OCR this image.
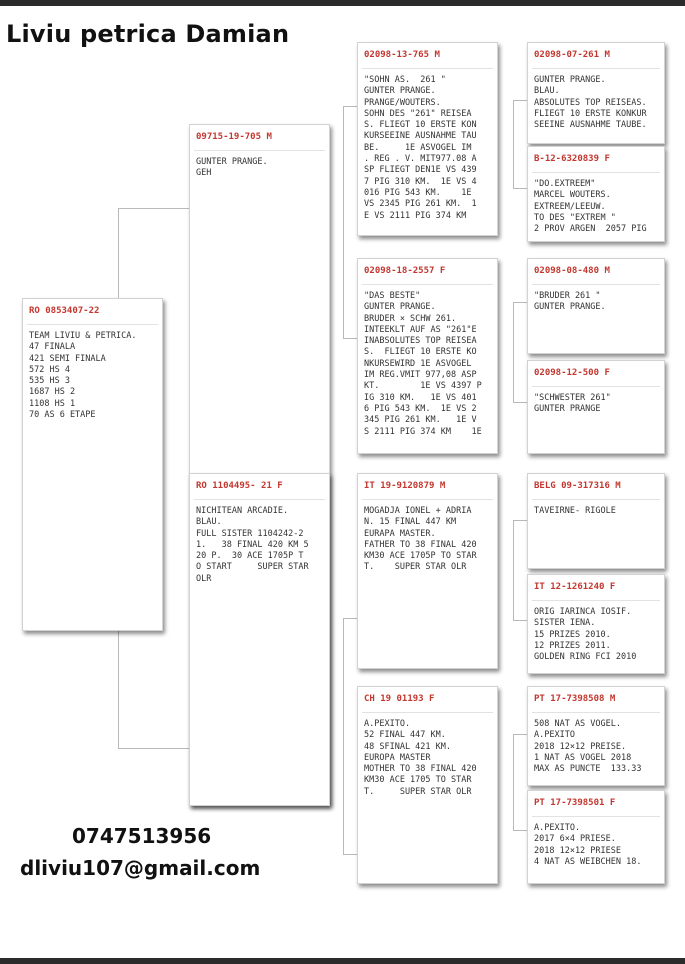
Liviu petrica Damian
RO 0853407-22
TEAM LIVIU & PETRICA.
47 FINALA
421 SEMI FINALA
572 HS 4
535 HS 3
1687 HS 2
1108 HS 1
70 AS 6 ETAPE
09715-19-705 M
GUNTER PRANGE.
GEH
RO 1104495- 21 F
NICHITEAN ARCADIE.
BLAU.
FULL SISTER 1104242-2
1.   38 FINAL 420 KM 5
20 P.  30 ACE 1705P T
O START     SUPER STAR
OLR
02098-13-765 M
"SOHN AS.  261 "
GUNTER PRANGE.
PRANGE/WOUTERS.
SOHN DES "261" REISEA
S. FLIEGT 10 ERSTE KON
KURSEEINE AUSNAHME TAU
BE.     1E ASVOGEL IM
. REG . V. MIT977.08 A
SP FLIEGT DEN1E VS 439
7 PIG 310 KM.  1E VS 4
016 PIG 543 KM.    1E
VS 2345 PIG 261 KM.  1
E VS 2111 PIG 374 KM
02098-18-2557 F
"DAS BESTE"
GUNTER PRANGE.
BRUDER × SCHW 261.
INTEEKLT AUF AS "261"E
INABSOLUTES TOP REISEA
S.  FLIEGT 10 ERSTE KO
NKURSEWIRD 1E ASVOGEL
IM REG.VMIT 977,08 ASP
KT.        1E VS 4397 P
IG 310 KM.   1E VS 401
6 PIG 543 KM.  1E VS 2
345 PIG 261 KM.   1E V
S 2111 PIG 374 KM    1E
IT 19-9120879 M
MOGADJA IONEL + ADRIA
N. 15 FINAL 447 KM
EURAPA MASTER.
FATHER TO 38 FINAL 420
KM30 ACE 1705P TO STAR
T.    SUPER STAR OLR
CH 19 01193 F
A.PEXITO.
52 FINAL 447 KM.
48 SFINAL 421 KM.
EUROPA MASTER
MOTHER TO 38 FINAL 420
KM30 ACE 1705 TO STAR
T.     SUPER STAR OLR
02098-07-261 M
GUNTER PRANGE.
BLAU.
ABSOLUTES TOP REISEAS.
FLIEGT 10 ERSTE KONKUR
SEEINE AUSNAHME TAUBE.
B-12-6320839 F
"DO.EXTREEM"
MARCEL WOUTERS.
EXTREEM/LEEUW.
TO DES "EXTREM "
2 PROV ARGEN  2057 PIG
02098-08-480 M
"BRUDER 261 "
GUNTER PRANGE.
02098-12-500 F
"SCHWESTER 261"
GUNTER PRANGE
BELG 09-317316 M
TAVEIRNE- RIGOLE
IT 12-1261240 F
ORIG IARINCA IOSIF.
SISTER IENA.
15 PRIZES 2010.
12 PRIZES 2011.
GOLDEN RING FCI 2010
PT 17-7398508 M
508 NAT AS VOGEL.
A.PEXITO
2018 12×12 PREISE.
1 NAT AS VOGEL 2018
MAX AS PUNCTE  133.33
PT 17-7398501 F
A.PEXITO.
2017 6×4 PRIESE.
2018 12×12 PRIESE
4 NAT AS WEIBCHEN 18.
0747513956
dliviu107@gmail.com
